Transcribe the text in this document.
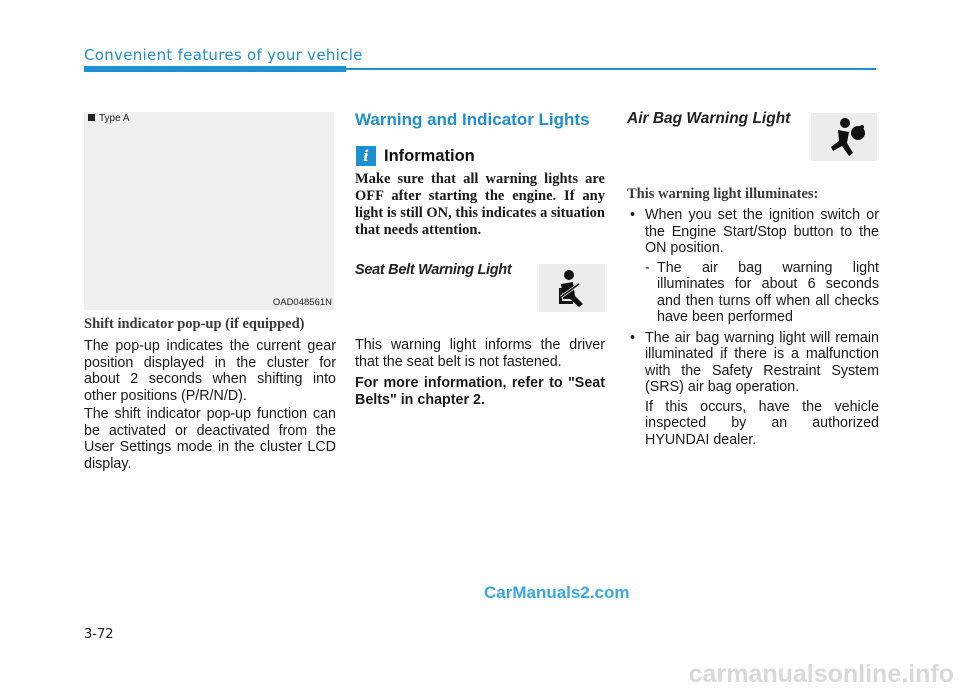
Convenient features of your vehicle
Type A
OAD048561N
Shift indicator pop-up (if equipped)

The pop-up indicates the current gear position displayed in the cluster for about 2 seconds when shifting into other positions (P/R/N/D).

The shift indicator pop-up function can be activated or deactivated from the User Settings mode in the cluster LCD display.

Warning and Indicator Lights
i Information

Make sure that all warning lights are OFF after starting the engine. If any light is still ON, this indicates a situation that needs attention.

Seat Belt Warning Light

This warning light informs the driver that the seat belt is not fastened.

For more information, refer to "Seat Belts" in chapter 2.

Air Bag Warning Light
This warning light illuminates:
• When you set the ignition switch or the Engine Start/Stop button to the ON position.
- The air bag warning light illuminates for about 6 seconds and then turns off when all checks have been performed
• The air bag warning light will remain illuminated if there is a malfunction with the Safety Restraint System (SRS) air bag operation.
If this occurs, have the vehicle inspected by an authorized HYUNDAI dealer.
CarManuals2.com
3-72
carmanualsonline.info
